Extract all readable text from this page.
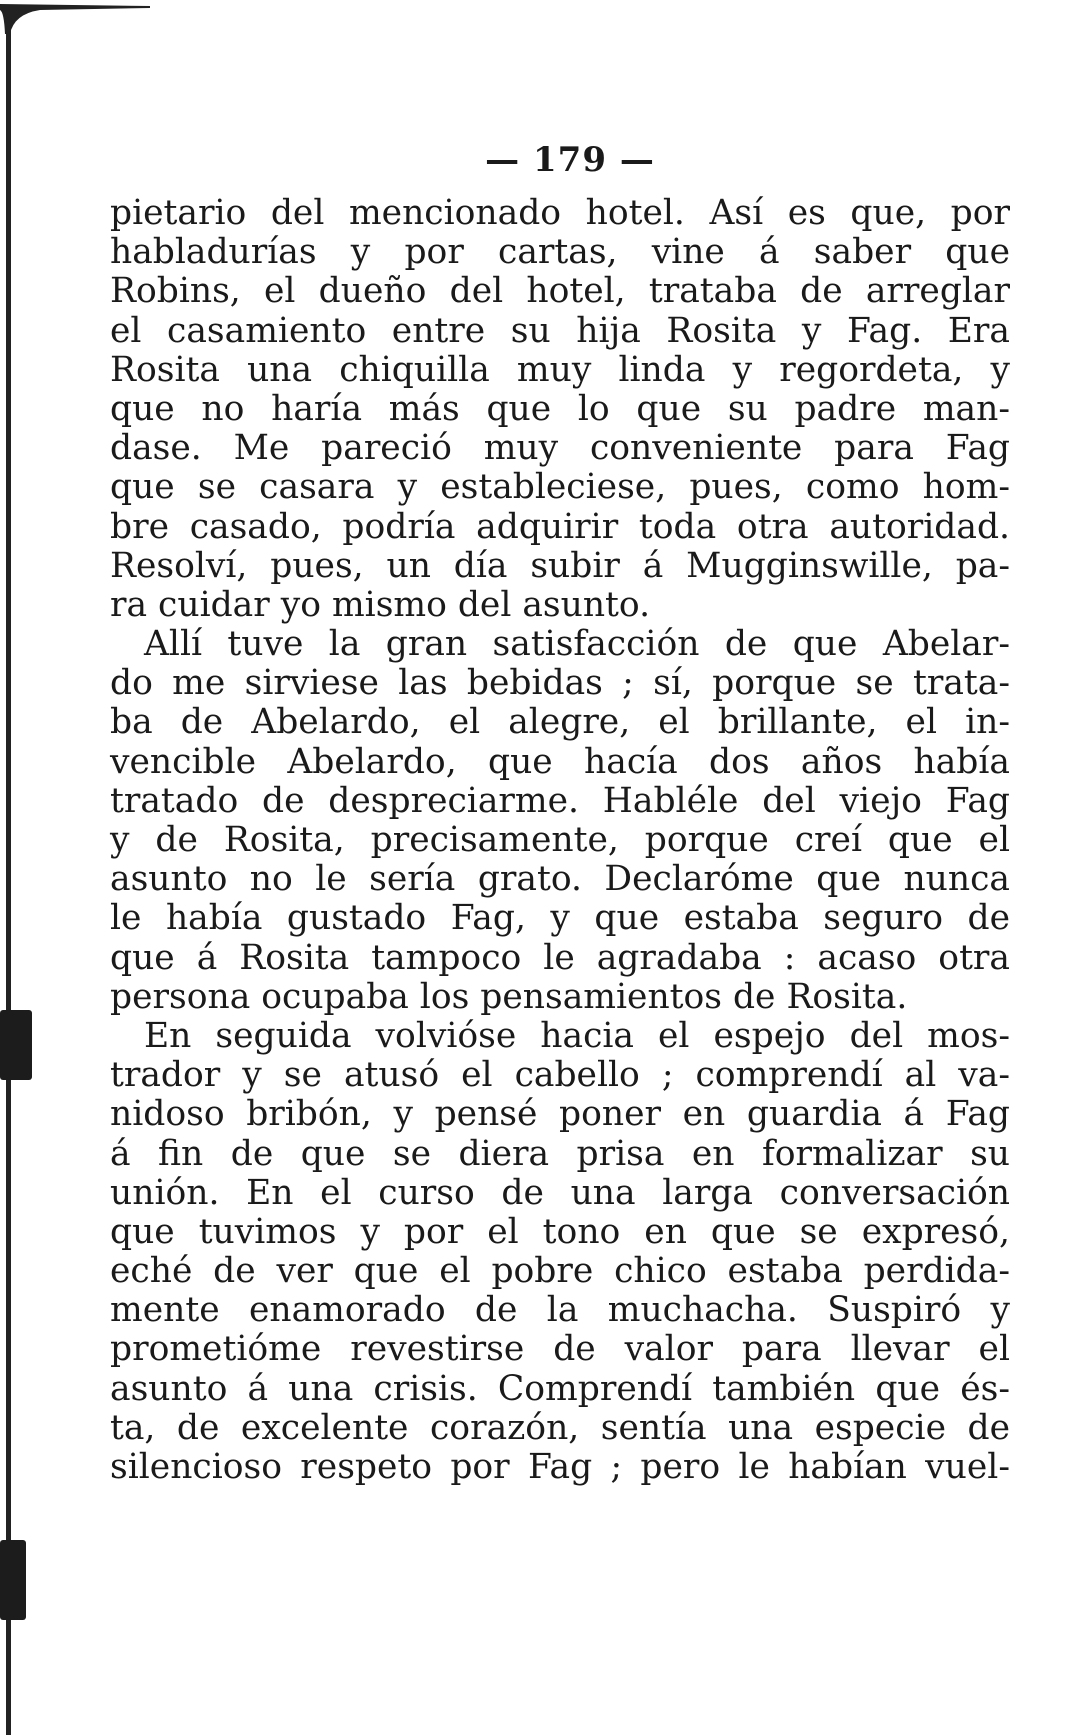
— 179 —
pietario del mencionado hotel. Así es que, por
habladurías y por cartas, vine á saber que
Robins, el dueño del hotel, trataba de arreglar
el casamiento entre su hija Rosita y Fag. Era
Rosita una chiquilla muy linda y regordeta, y
que no haría más que lo que su padre man-
dase. Me pareció muy conveniente para Fag
que se casara y estableciese, pues, como hom-
bre casado, podría adquirir toda otra autoridad.
Resolví, pues, un día subir á Mugginswille, pa-
ra cuidar yo mismo del asunto.
Allí tuve la gran satisfacción de que Abelar-
do me sirviese las bebidas ; sí, porque se trata-
ba de Abelardo, el alegre, el brillante, el in-
vencible Abelardo, que hacía dos años había
tratado de despreciarme. Habléle del viejo Fag
y de Rosita, precisamente, porque creí que el
asunto no le sería grato. Declaróme que nunca
le había gustado Fag, y que estaba seguro de
que á Rosita tampoco le agradaba : acaso otra
persona ocupaba los pensamientos de Rosita.
En seguida volvióse hacia el espejo del mos-
trador y se atusó el cabello ; comprendí al va-
nidoso bribón, y pensé poner en guardia á Fag
á fin de que se diera prisa en formalizar su
unión. En el curso de una larga conversación
que tuvimos y por el tono en que se expresó,
eché de ver que el pobre chico estaba perdida-
mente enamorado de la muchacha. Suspiró y
prometióme revestirse de valor para llevar el
asunto á una crisis. Comprendí también que és-
ta, de excelente corazón, sentía una especie de
silencioso respeto por Fag ; pero le habían vuel-
